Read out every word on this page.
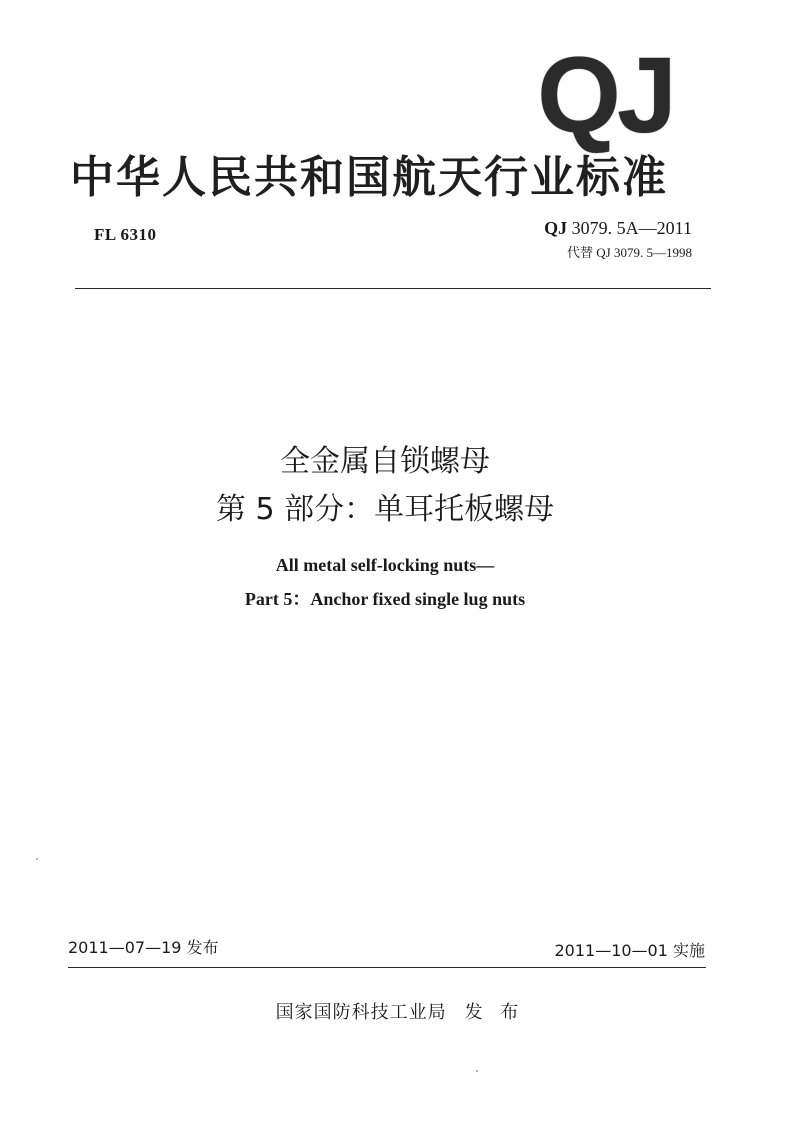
QJ
中华人民共和国航天行业标准
FL 6310	QJ 3079. 5A—2011
代替 QJ 3079. 5—1998
全金属自锁螺母
第 5 部分：单耳托板螺母
All metal self-locking nuts—
Part 5：Anchor fixed single lug nuts
2011—07—19 发布	2011—10—01 实施
国家国防科技工业局 发 布
